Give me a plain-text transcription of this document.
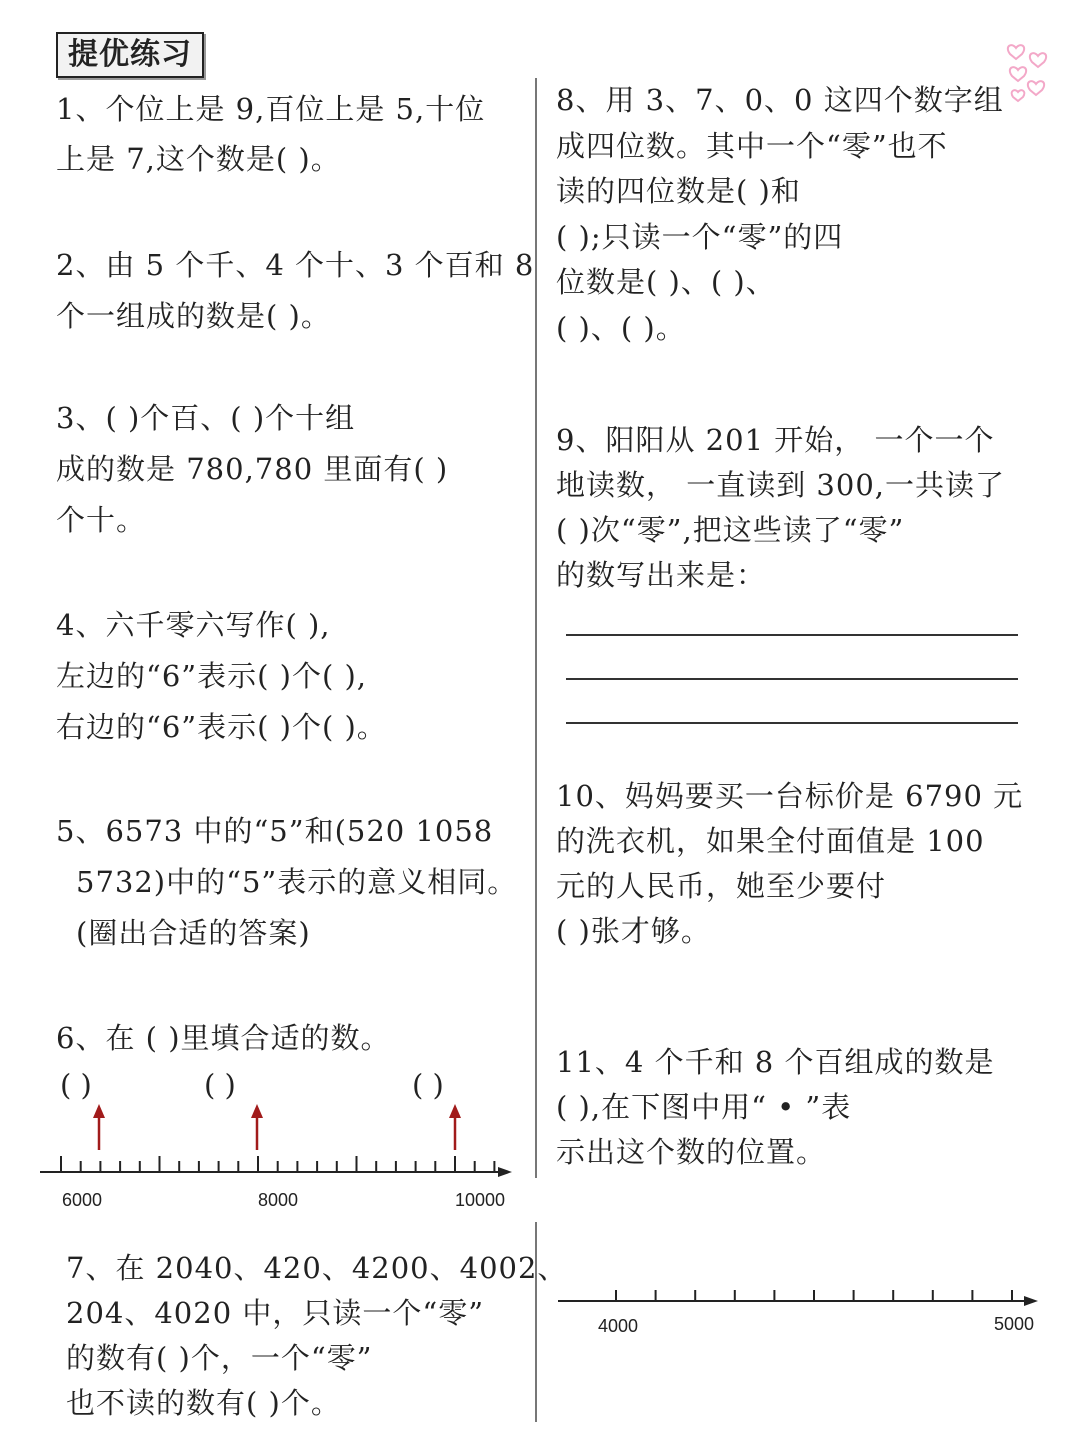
提优练习
1、个位上是 9,百位上是 5,十位
上是 7,这个数是( )。
2、由 5 个千、4 个十、3 个百和 8
个一组成的数是( )。
3、( )个百、( )个十组
成的数是 780,780 里面有( )
个十。
4、六千零六写作( ),
左边的“6”表示( )个( ),
右边的“6”表示( )个( )。
5、6573 中的“5”和(520 1058
5732)中的“5”表示的意义相同。
(圈出合适的答案)
6、在 ( )里填合适的数。
( )	( )	( )
6000	8000	10000
4000	5000
7、在 2040、420、4200、4002、
204、4020 中，只读一个“零”
的数有( )个，一个“零”
也不读的数有( )个。
8、用 3、7、0、0 这四个数字组
成四位数。其中一个“零”也不
读的四位数是( )和
( );只读一个“零”的四
位数是( )、( )、
( )、( )。
9、阳阳从 201 开始， 一个一个
地读数， 一直读到 300,一共读了
( )次“零”,把这些读了“零”
的数写出来是：
10、妈妈要买一台标价是 6790 元
的洗衣机，如果全付面值是 100
元的人民币，她至少要付
( )张才够。
11、4 个千和 8 个百组成的数是
( ),在下图中用“ • ”表
示出这个数的位置。
